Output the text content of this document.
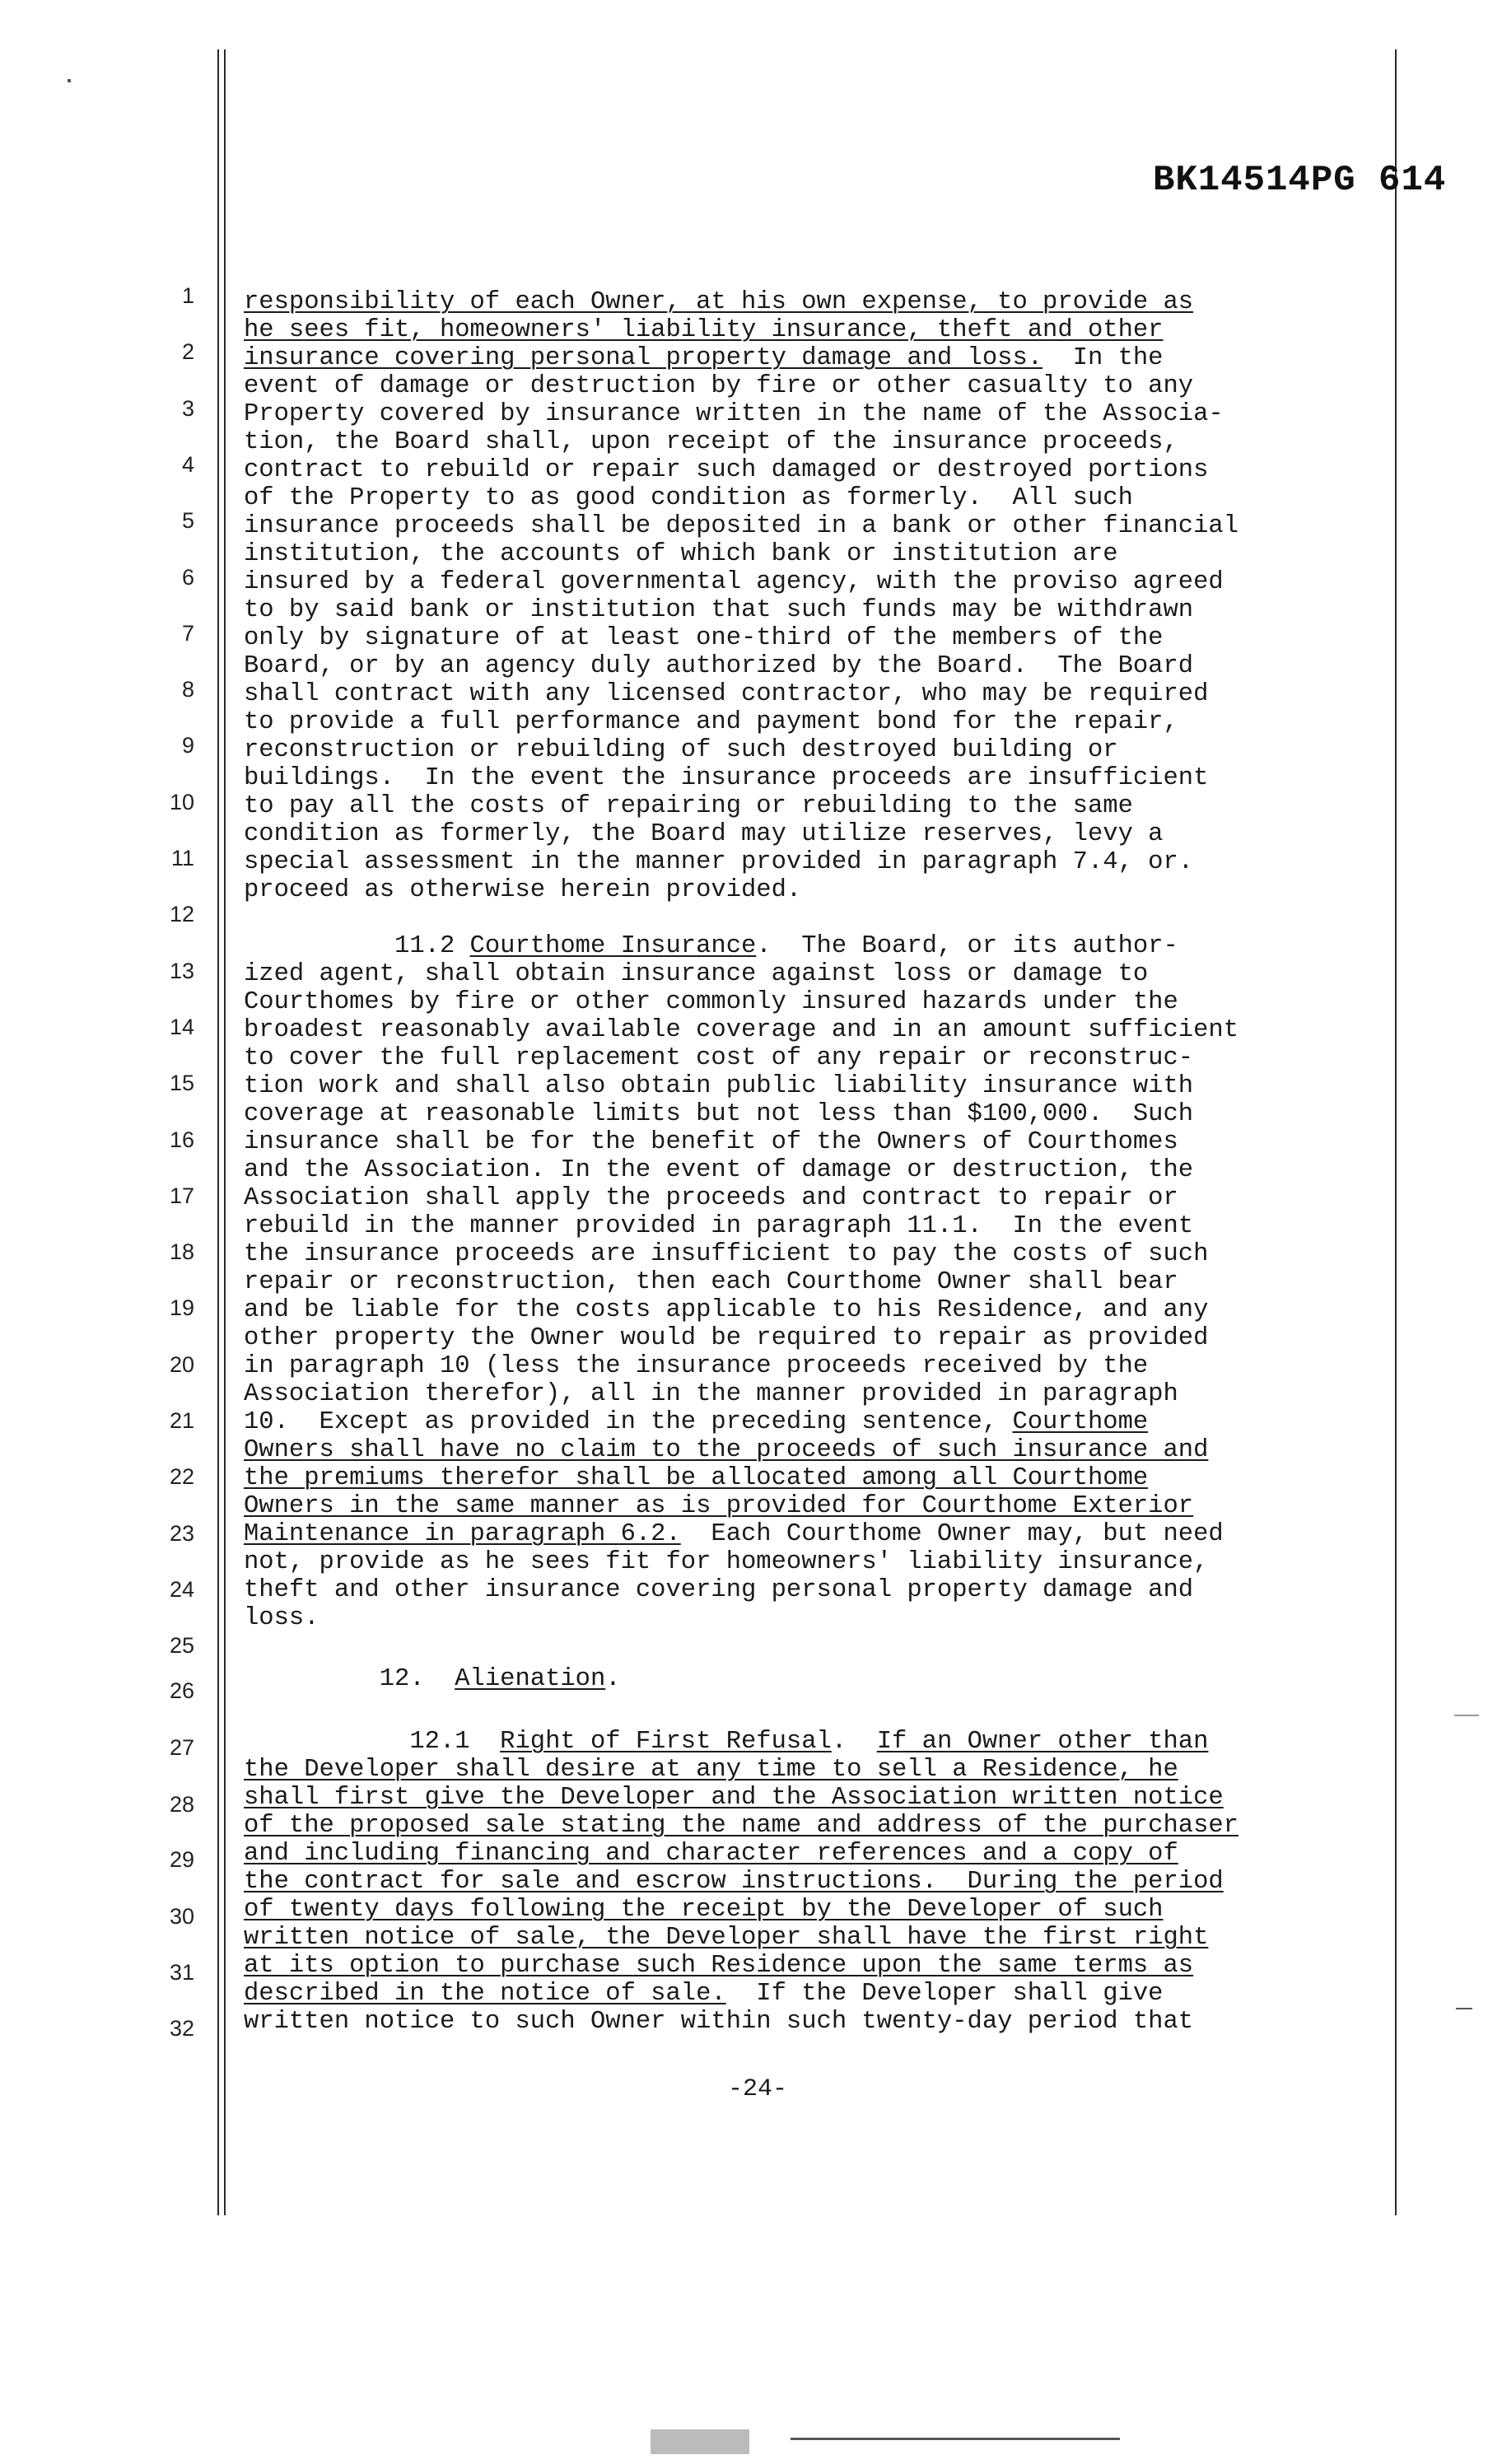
BK14514PG 614
1
2
3
4
5
6
7
8
9
10
11
12
13
14
15
16
17
18
19
20
21
22
23
24
25
26
27
28
29
30
31
32
responsibility of each Owner, at his own expense, to provide as
he sees fit, homeowners' liability insurance, theft and other
insurance covering personal property damage and loss.  In the
event of damage or destruction by fire or other casualty to any
Property covered by insurance written in the name of the Associa-
tion, the Board shall, upon receipt of the insurance proceeds,
contract to rebuild or repair such damaged or destroyed portions
of the Property to as good condition as formerly.  All such
insurance proceeds shall be deposited in a bank or other financial
institution, the accounts of which bank or institution are
insured by a federal governmental agency, with the proviso agreed
to by said bank or institution that such funds may be withdrawn
only by signature of at least one-third of the members of the
Board, or by an agency duly authorized by the Board.  The Board
shall contract with any licensed contractor, who may be required
to provide a full performance and payment bond for the repair,
reconstruction or rebuilding of such destroyed building or
buildings.  In the event the insurance proceeds are insufficient
to pay all the costs of repairing or rebuilding to the same
condition as formerly, the Board may utilize reserves, levy a
special assessment in the manner provided in paragraph 7.4, or.
proceed as otherwise herein provided.
11.2 Courthome Insurance.  The Board, or its author-
ized agent, shall obtain insurance against loss or damage to
Courthomes by fire or other commonly insured hazards under the
broadest reasonably available coverage and in an amount sufficient
to cover the full replacement cost of any repair or reconstruc-
tion work and shall also obtain public liability insurance with
coverage at reasonable limits but not less than $100,000.  Such
insurance shall be for the benefit of the Owners of Courthomes
and the Association. In the event of damage or destruction, the
Association shall apply the proceeds and contract to repair or
rebuild in the manner provided in paragraph 11.1.  In the event
the insurance proceeds are insufficient to pay the costs of such
repair or reconstruction, then each Courthome Owner shall bear
and be liable for the costs applicable to his Residence, and any
other property the Owner would be required to repair as provided
in paragraph 10 (less the insurance proceeds received by the
Association therefor), all in the manner provided in paragraph
10.  Except as provided in the preceding sentence, Courthome
Owners shall have no claim to the proceeds of such insurance and
the premiums therefor shall be allocated among all Courthome
Owners in the same manner as is provided for Courthome Exterior
Maintenance in paragraph 6.2.  Each Courthome Owner may, but need
not, provide as he sees fit for homeowners' liability insurance,
theft and other insurance covering personal property damage and
loss.
12.  Alienation.
12.1  Right of First Refusal.  If an Owner other than
the Developer shall desire at any time to sell a Residence, he
shall first give the Developer and the Association written notice
of the proposed sale stating the name and address of the purchaser
and including financing and character references and a copy of
the contract for sale and escrow instructions.  During the period
of twenty days following the receipt by the Developer of such
written notice of sale, the Developer shall have the first right
at its option to purchase such Residence upon the same terms as
described in the notice of sale.  If the Developer shall give
written notice to such Owner within such twenty-day period that
-24-
